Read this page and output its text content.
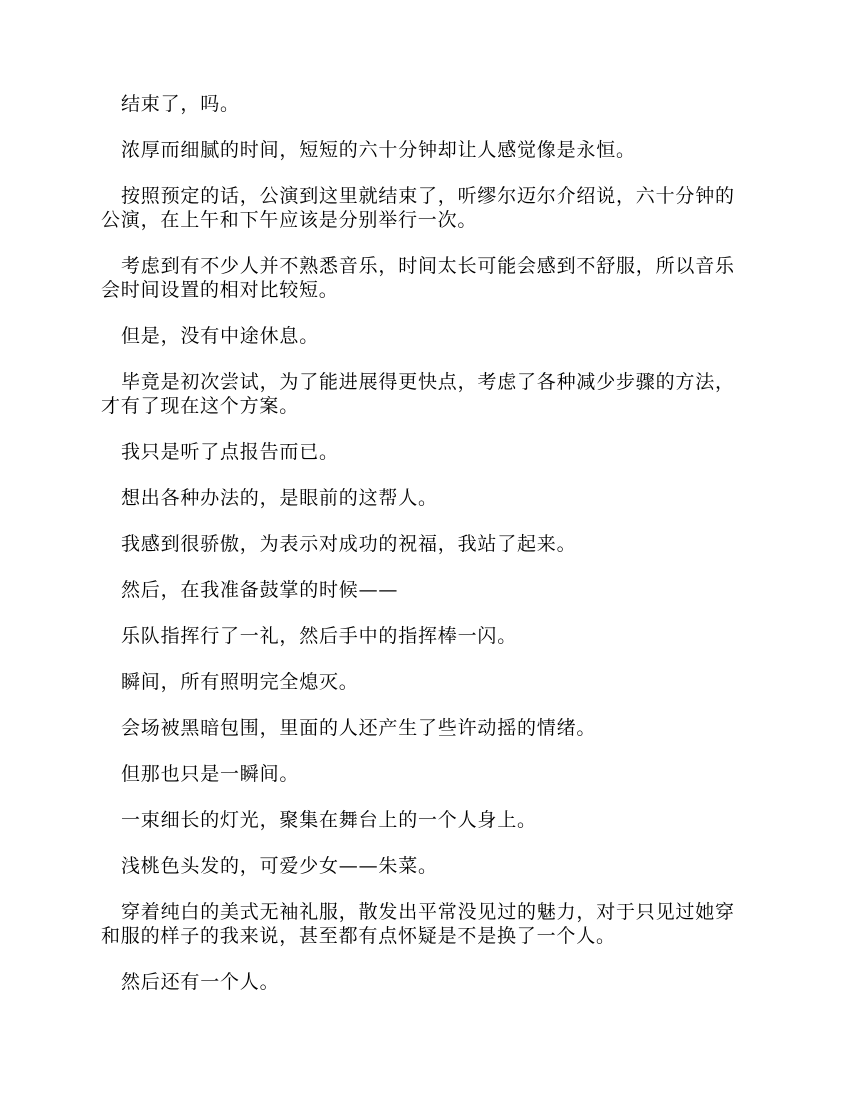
结束了，吗。

浓厚而细腻的时间，短短的六十分钟却让人感觉像是永恒。

按照预定的话，公演到这里就结束了，听缪尔迈尔介绍说，六十分钟的公演，在上午和下午应该是分别举行一次。

考虑到有不少人并不熟悉音乐，时间太长可能会感到不舒服，所以音乐会时间设置的相对比较短。

但是，没有中途休息。

毕竟是初次尝试，为了能进展得更快点，考虑了各种减少步骤的方法，才有了现在这个方案。

我只是听了点报告而已。

想出各种办法的，是眼前的这帮人。

我感到很骄傲，为表示对成功的祝福，我站了起来。

然后，在我准备鼓掌的时候——

乐队指挥行了一礼，然后手中的指挥棒一闪。

瞬间，所有照明完全熄灭。

会场被黑暗包围，里面的人还产生了些许动摇的情绪。

但那也只是一瞬间。

一束细长的灯光，聚集在舞台上的一个人身上。

浅桃色头发的，可爱少女——朱菜。

穿着纯白的美式无袖礼服，散发出平常没见过的魅力，对于只见过她穿和服的样子的我来说，甚至都有点怀疑是不是换了一个人。

然后还有一个人。
